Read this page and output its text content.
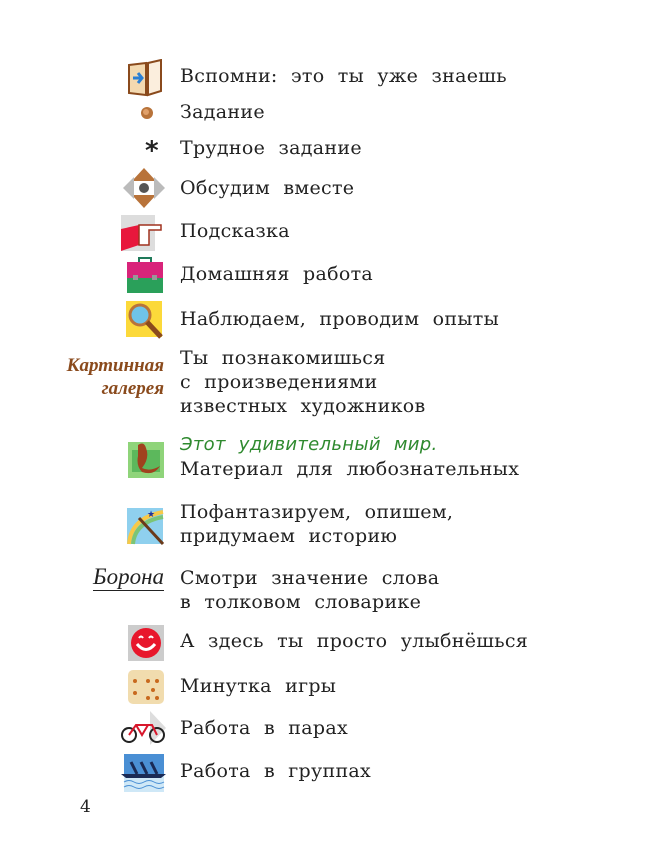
Вспомни: это ты уже знаешь
Задание
* Трудное задание
Обсудим вместе
Подсказка
Домашняя работа
Наблюдаем, проводим опыты
Картинная
галерея
Ты познакомишься
с произведениями
известных художников
Этот удивительный мир.
Материал для любознательных
★ Пофантазируем, опишем,
придумаем историю
Борона Смотри значение слова
в толковом словарике
А здесь ты просто улыбнёшься
Минутка игры
Работа в парах
Работа в группах
4
